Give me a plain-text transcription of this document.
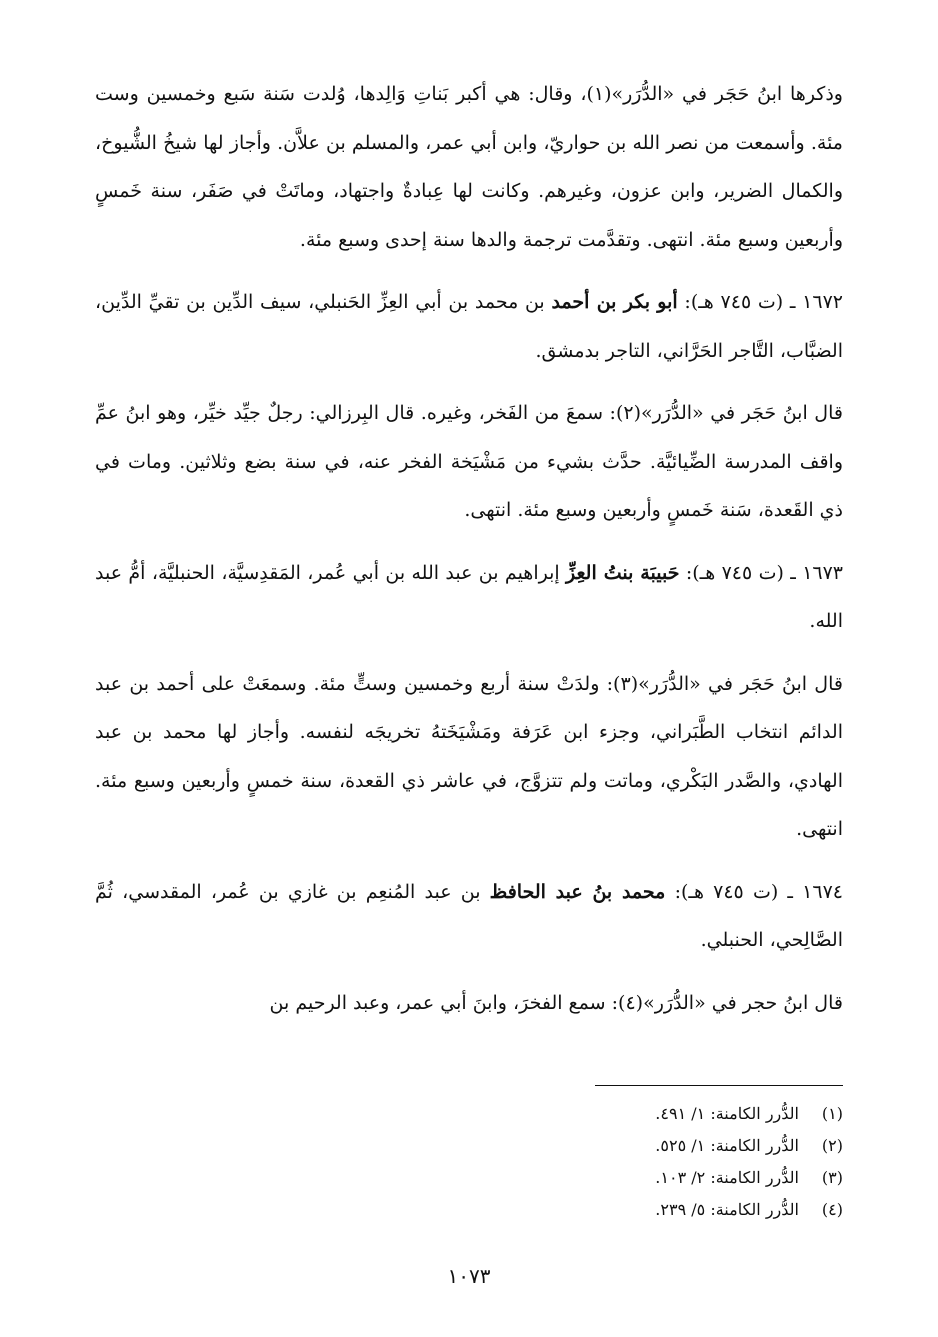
وذكرها ابنُ حَجَر في «الدُّرَر»(١)، وقال: هي أكبر بَناتِ وَالِدها، وُلدت سَنة سَبع وخمسين وست مئة. وأسمعت من نصر الله بن حواريّ، وابن أبي عمر، والمسلم بن علاَّن. وأجاز لها شيخُ الشُّيوخ، والكمال الضرير، وابن عزون، وغيرهم. وكانت لها عِبادةٌ واجتهاد، وماتَتْ في صَفَر، سنة خَمسٍ وأربعين وسبع مئة. انتهى. وتقدَّمت ترجمة والدها سنة إحدى وسبع مئة.

١٦٧٢ ـ (ت ٧٤٥ هـ): أبو بكر بن أحمد بن محمد بن أبي العِزِّ الحَنبلي، سيف الدِّين بن تقيِّ الدِّين، الضبَّاب، التَّاجر الحَرَّاني، التاجر بدمشق.

قال ابنُ حَجَر في «الدُّرَر»(٢): سمعَ من الفَخر، وغيره. قال البِرزالي: رجلٌ جيِّد خيِّر، وهو ابنُ عمِّ واقف المدرسة الضِّيائيَّة. حدَّث بشيء من مَشْيَخة الفخر عنه، في سنة بضع وثلاثين. ومات في ذي القَعدة، سَنة خَمسٍ وأربعين وسبع مئة. انتهى.

١٦٧٣ ـ (ت ٧٤٥ هـ): حَبيبَة بنتُ العِزِّ إبراهيم بن عبد الله بن أبي عُمر، المَقدِسيَّة، الحنبليَّة، أمُّ عبد الله.

قال ابنُ حَجَر في «الدُّرَر»(٣): ولدَتْ سنة أربع وخمسين وستٍّ مئة. وسمعَتْ على أحمد بن عبد الدائم انتخاب الطَّبَراني، وجزء ابن عَرَفة ومَشْيَخَتهُ تخريجَه لنفسه. وأجاز لها محمد بن عبد الهادي، والصَّدر البَكْري، وماتت ولم تتزوَّج، في عاشر ذي القعدة، سنة خمسٍ وأربعين وسبع مئة. انتهى.

١٦٧٤ ـ (ت ٧٤٥ هـ): محمد بنُ عبد الحافظ بن عبد المُنعِم بن غازي بن عُمر، المقدسي، ثُمَّ الصَّالِحي، الحنبلي.

قال ابنُ حجر في «الدُّرَر»(٤): سمع الفخرَ، وابنَ أبي عمر، وعبد الرحيم بن

(١)
الدُّرر الكامنة: ١/ ٤٩١.
(٢)
الدُّرر الكامنة: ١/ ٥٢٥.
(٣)
الدُّرر الكامنة: ٢/ ١٠٣.
(٤)
الدُّرر الكامنة: ٥/ ٢٣٩.
١٠٧٣
